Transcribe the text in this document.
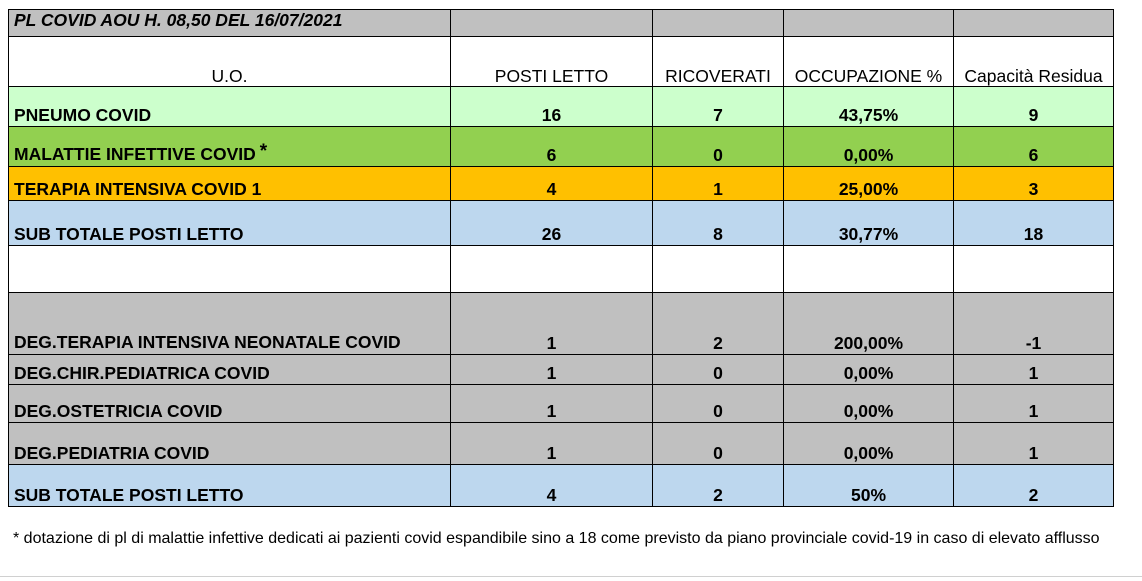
PL COVID AOU H. 08,50 DEL 16/07/2021				
U.O.	POSTI LETTO	RICOVERATI	OCCUPAZIONE %	Capacità Residua
PNEUMO COVID	16	7	43,75%	9
MALATTIE INFETTIVE COVID *	6	0	0,00%	6
TERAPIA INTENSIVA COVID 1	4	1	25,00%	3
SUB TOTALE POSTI LETTO	26	8	30,77%	18

DEG.TERAPIA INTENSIVA NEONATALE COVID	1	2	200,00%	-1
DEG.CHIR.PEDIATRICA COVID	1	0	0,00%	1
DEG.OSTETRICIA COVID	1	0	0,00%	1
DEG.PEDIATRIA COVID	1	0	0,00%	1
SUB TOTALE POSTI LETTO	4	2	50%	2
* dotazione di pl di malattie infettive dedicati ai pazienti covid espandibile sino a 18 come previsto da piano provinciale covid-19 in caso di elevato afflusso
